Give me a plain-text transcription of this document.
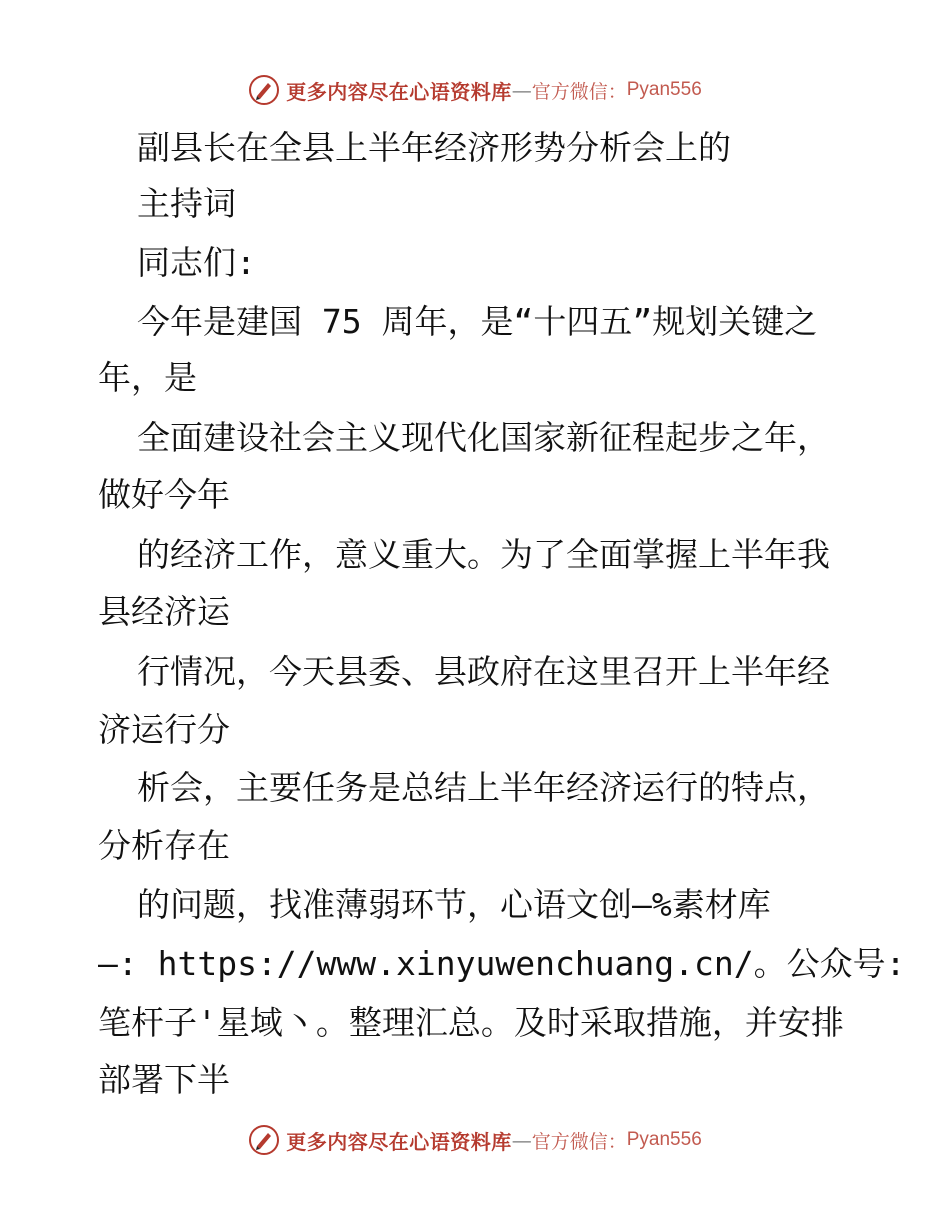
更多内容尽在心语资料库 — 官方微信： Pyan556
副县长在全县上半年经济形势分析会上的
主持词
同志们:
今年是建国 75 周年，是“十四五”规划关键之
年，是
全面建设社会主义现代化国家新征程起步之年，
做好今年
的经济工作，意义重大。为了全面掌握上半年我
县经济运
行情况，今天县委、县政府在这里召开上半年经
济运行分
析会，主要任务是总结上半年经济运行的特点，
分析存在
的问题，找准薄弱环节，心语文创—%素材库
—: https://www.xinyuwenchuang.cn/。公众号:
笔杆子'星域丶。整理汇总。及时采取措施，并安排
部署下半
更多内容尽在心语资料库 — 官方微信： Pyan556
